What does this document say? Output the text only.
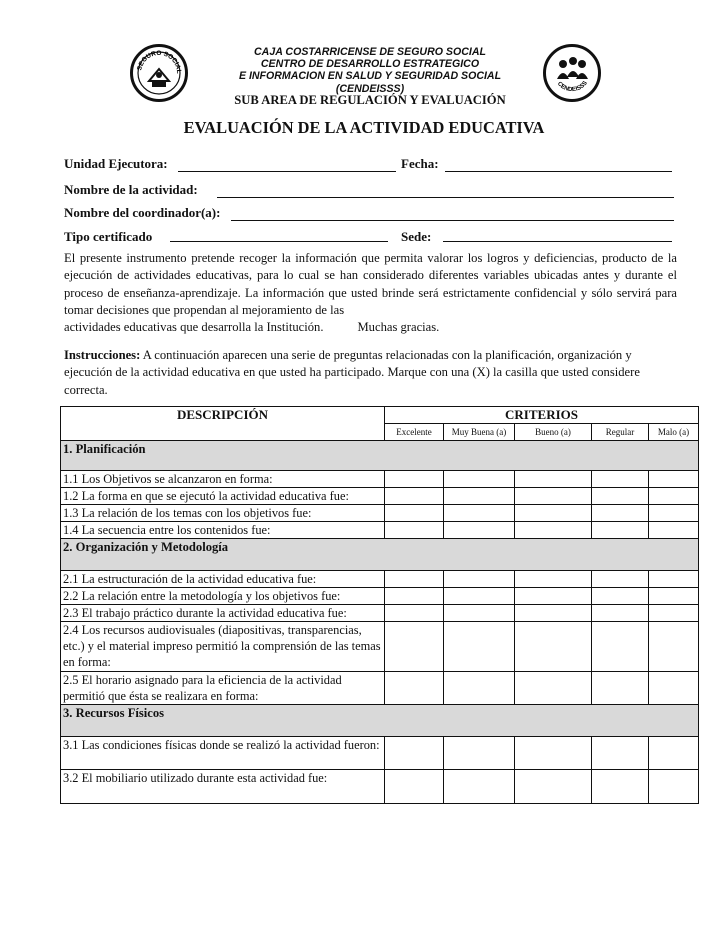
SEGURO SOCIAL
CAJA COSTARRICENSE DE SEGURO SOCIAL
CENTRO DE DESARROLLO ESTRATEGICO
E INFORMACION EN SALUD Y SEGURIDAD SOCIAL
(CENDEISSS)	CENDEISSS
SUB AREA DE REGULACIÓN Y EVALUACIÓN
EVALUACIÓN DE LA ACTIVIDAD EDUCATIVA
Unidad Ejecutora:	Fecha:
Nombre de la actividad:
Nombre del coordinador(a):
Tipo certificado	Sede:
El presente instrumento pretende recoger la información que permita valorar los logros y deficiencias, producto de la ejecución de actividades educativas, para lo cual se han considerado diferentes variables ubicadas antes y durante el proceso de enseñanza-aprendizaje. La información que usted brinde será estrictamente confidencial y sólo servirá para tomar decisiones que propendan al mejoramiento de las
actividades educativas que desarrolla la Institución.	Muchas gracias.
Instrucciones: A continuación aparecen una serie de preguntas relacionadas con la planificación, organización y ejecución de la actividad educativa en que usted ha participado. Marque con una (X) la casilla que usted considere correcta.
DESCRIPCIÓN	CRITERIOS				
	Excelente	Muy Buena (a)	Bueno (a)	Regular	Malo (a)
1. Planificación					
1.1 Los Objetivos se alcanzaron en forma:					
1.2 La forma en que se ejecutó la actividad educativa fue:					
1.3 La relación de los temas con los objetivos fue:					
1.4 La secuencia entre los contenidos fue:					
2. Organización y Metodología					
2.1 La estructuración de la actividad educativa fue:					
2.2 La relación entre la metodología y los objetivos fue:					
2.3 El trabajo práctico durante la actividad educativa fue:					
2.4 Los recursos audiovisuales (diapositivas, transparencias, etc.) y el material impreso permitió la comprensión de las temas en forma:					
2.5 El horario asignado para la eficiencia de la actividad permitió que ésta se realizara en forma:					
3. Recursos Físicos					
3.1 Las condiciones físicas donde se realizó la actividad fueron:					
3.2 El mobiliario utilizado durante esta actividad fue:					
